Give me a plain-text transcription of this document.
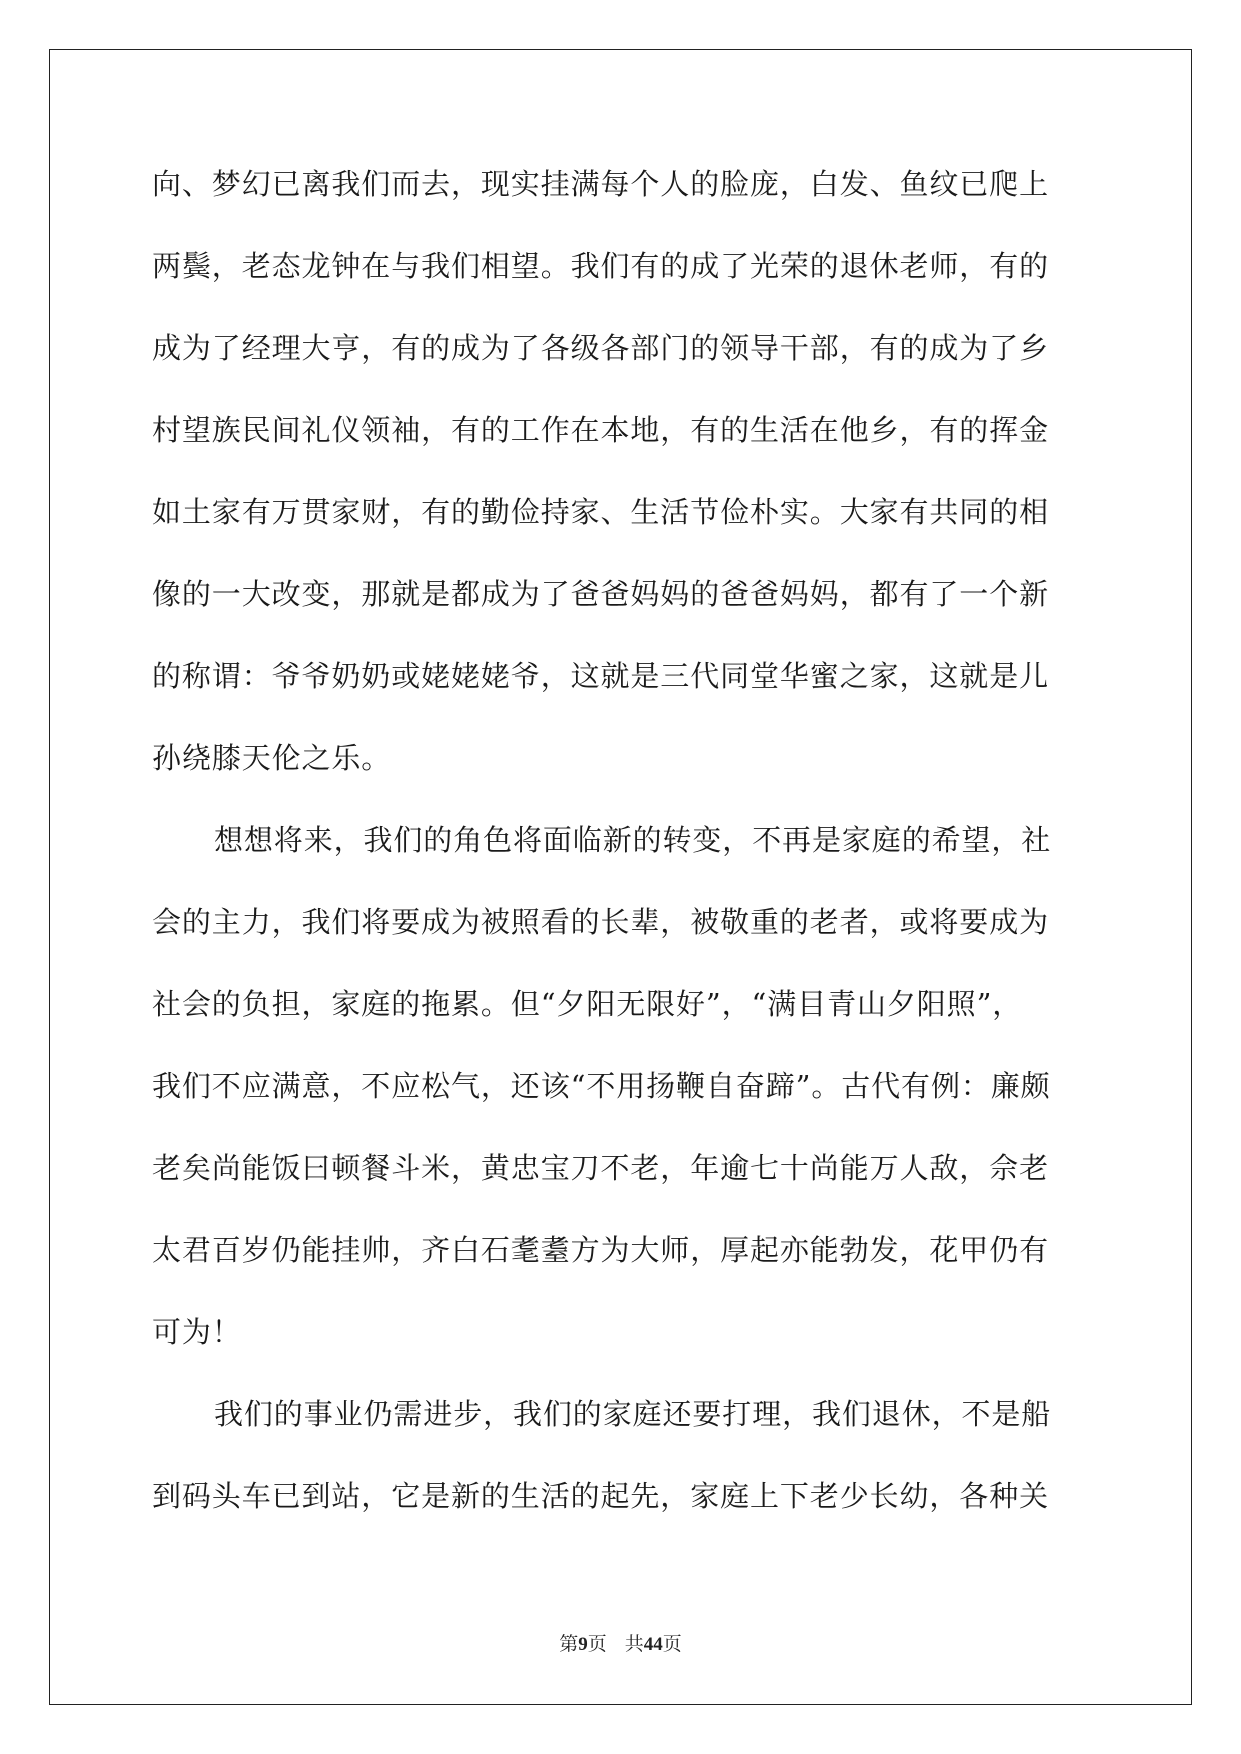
向、梦幻已离我们而去，现实挂满每个人的脸庞，白发、鱼纹已爬上
两鬓，老态龙钟在与我们相望。我们有的成了光荣的退休老师，有的
成为了经理大亨，有的成为了各级各部门的领导干部，有的成为了乡
村望族民间礼仪领袖，有的工作在本地，有的生活在他乡，有的挥金
如土家有万贯家财，有的勤俭持家、生活节俭朴实。大家有共同的相
像的一大改变，那就是都成为了爸爸妈妈的爸爸妈妈，都有了一个新
的称谓：爷爷奶奶或姥姥姥爷，这就是三代同堂华蜜之家，这就是儿
孙绕膝天伦之乐。
想想将来，我们的角色将面临新的转变，不再是家庭的希望，社
会的主力，我们将要成为被照看的长辈，被敬重的老者，或将要成为
社会的负担，家庭的拖累。但“夕阳无限好”，“满目青山夕阳照”，
我们不应满意，不应松气，还该“不用扬鞭自奋蹄”。古代有例：廉颇
老矣尚能饭曰顿餐斗米，黄忠宝刀不老，年逾七十尚能万人敌，佘老
太君百岁仍能挂帅，齐白石耄耋方为大师，厚起亦能勃发，花甲仍有
可为！
我们的事业仍需进步，我们的家庭还要打理，我们退休，不是船
到码头车已到站，它是新的生活的起先，家庭上下老少长幼，各种关
第9页 共44页
